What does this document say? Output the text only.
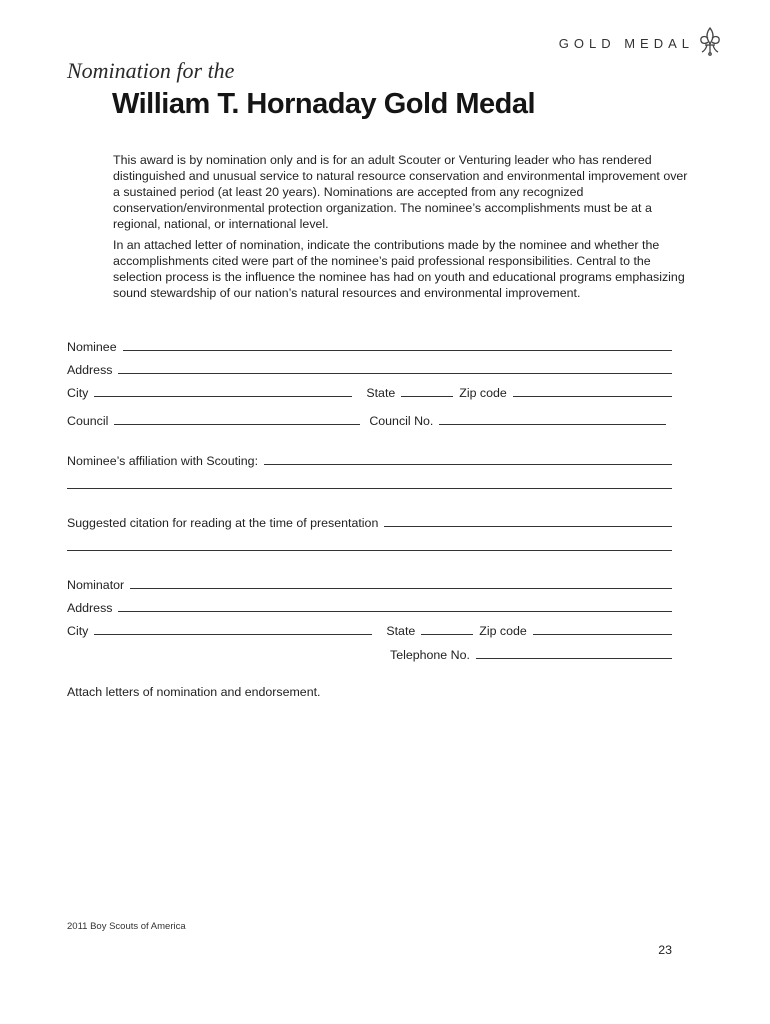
GOLD MEDAL
Nomination for the
William T. Hornaday Gold Medal

This award is by nomination only and is for an adult Scouter or Venturing leader who has rendered distinguished and unusual service to natural resource conservation and environmental improvement over a sustained period (at least 20 years). Nominations are accepted from any recognized conservation/environmental protection organization. The nominee’s accomplishments must be at a regional, national, or international level.

In an attached letter of nomination, indicate the contributions made by the nominee and whether the accomplishments cited were part of the nominee’s paid professional responsibilities. Central to the selection process is the influence the nominee has had on youth and educational programs emphasizing sound stewardship of our nation’s natural resources and environmental improvement.

Nominee
Address
City	State	Zip code
Council	Council No.
Nominee’s affiliation with Scouting:
Suggested citation for reading at the time of presentation
Nominator
Address
City	State	Zip code
Telephone No.
Attach letters of nomination and endorsement.
2011 Boy Scouts of America
23
